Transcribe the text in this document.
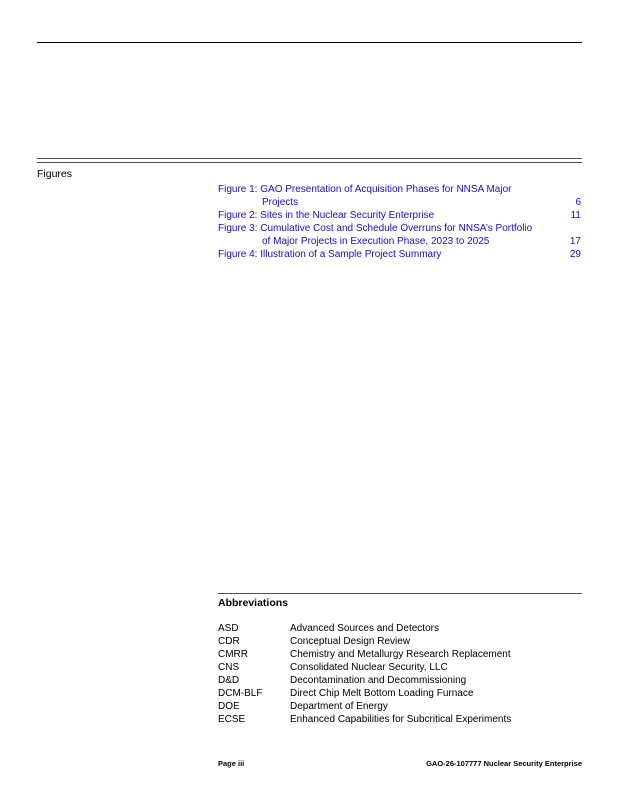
Figures
Figure 1: GAO Presentation of Acquisition Phases for NNSA Major Projects	6
Figure 2: Sites in the Nuclear Security Enterprise	11
Figure 3: Cumulative Cost and Schedule Overruns for NNSA’s Portfolio of Major Projects in Execution Phase, 2023 to 2025	17
Figure 4: Illustration of a Sample Project Summary	29
Abbreviations
ASD	Advanced Sources and Detectors
CDR	Conceptual Design Review
CMRR	Chemistry and Metallurgy Research Replacement
CNS	Consolidated Nuclear Security, LLC
D&D	Decontamination and Decommissioning
DCM-BLF	Direct Chip Melt Bottom Loading Furnace
DOE	Department of Energy
ECSE	Enhanced Capabilities for Subcritical Experiments
Page iii	GAO-26-107777 Nuclear Security Enterprise
